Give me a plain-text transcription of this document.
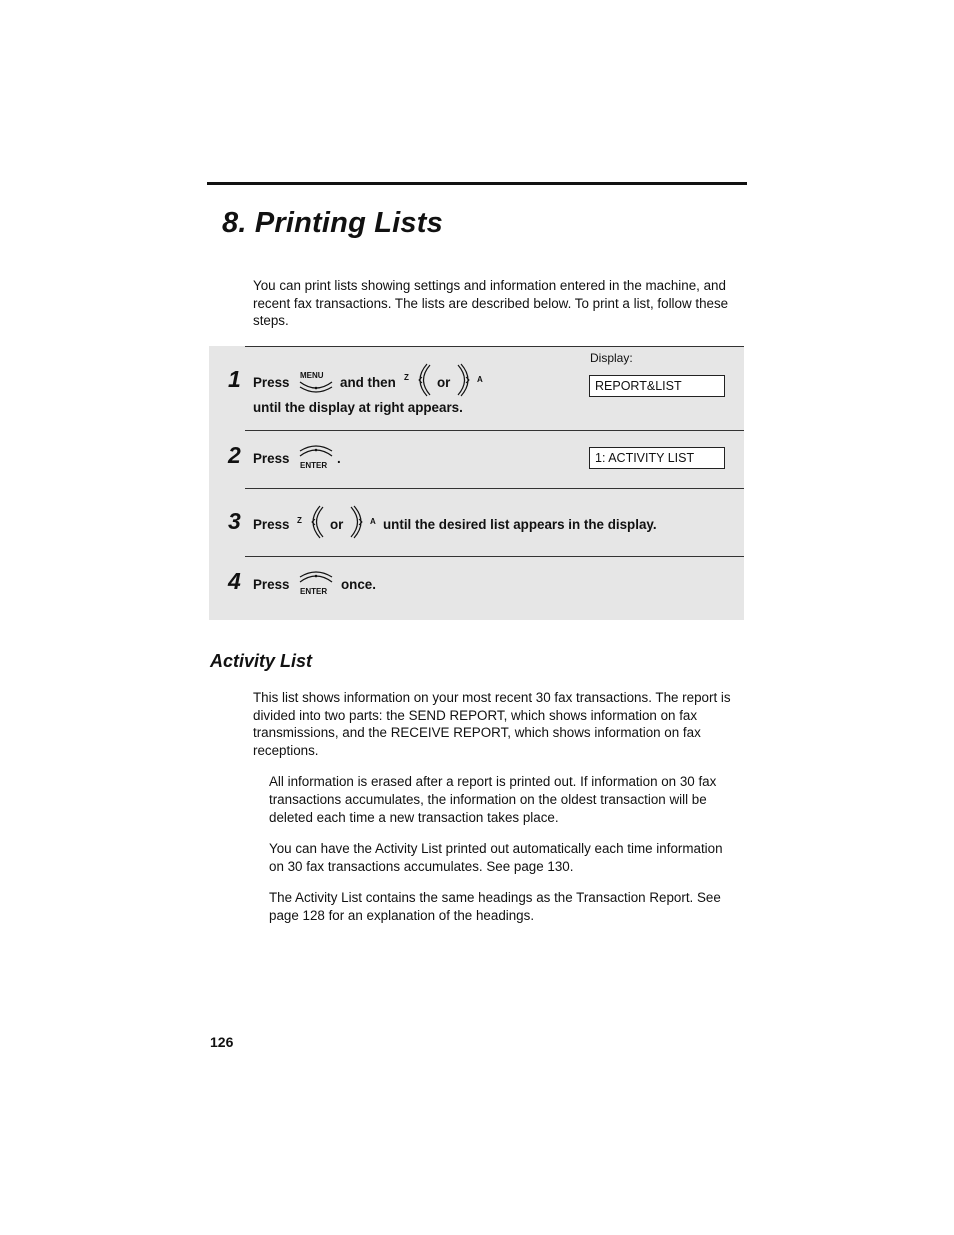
8. Printing Lists

You can print lists showing settings and information entered in the machine, and recent fax transactions. The lists are described below. To print a list, follow these steps.

Display:
1 Press MENU and then Z or	A
until the display at right appears.
REPORT&LIST
2 Press ENTER .	1: ACTIVITY LIST
3 Press Z or	A until the desired list appears in the display.
4 Press ENTER once.
Activity List

This list shows information on your most recent 30 fax transactions. The report is divided into two parts: the SEND REPORT, which shows information on fax transmissions, and the RECEIVE REPORT, which shows information on fax receptions.

All information is erased after a report is printed out. If information on 30 fax transactions accumulates, the information on the oldest transaction will be deleted each time a new transaction takes place.

You can have the Activity List printed out automatically each time information on 30 fax transactions accumulates. See page 130.

The Activity List contains the same headings as the Transaction Report. See page 128 for an explanation of the headings.

126
